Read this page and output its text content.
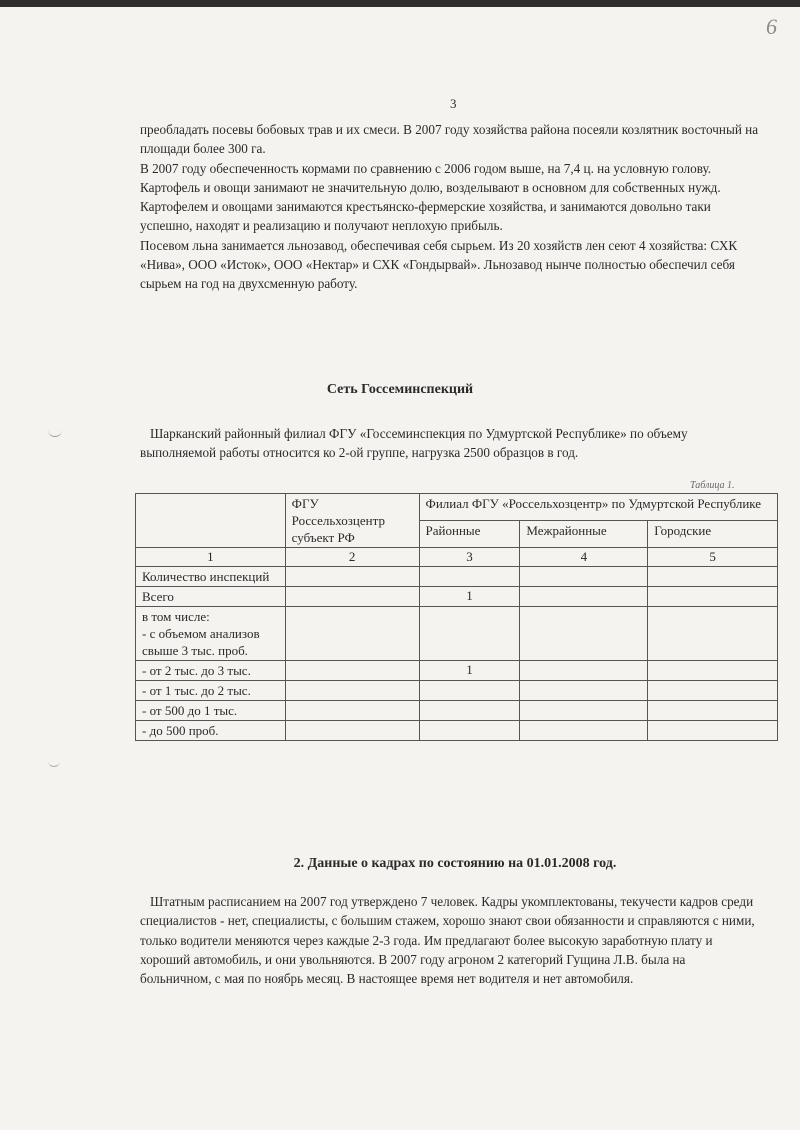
6
3

преобладать посевы бобовых трав и их смеси. В 2007 году хозяйства района посеяли козлятник восточный на площади более 300 га.

В 2007 году обеспеченность кормами по сравнению с 2006 годом выше, на 7,4 ц. на условную голову.

Картофель и овощи занимают не значительную долю, возделывают в основном для собственных нужд. Картофелем и овощами занимаются крестьянско-фермерские хозяйства, и занимаются довольно таки успешно, находят и реализацию и получают неплохую прибыль.

Посевом льна занимается льнозавод, обеспечивая себя сырьем. Из 20 хозяйств лен сеют 4 хозяйства: СХК «Нива», ООО «Исток», ООО «Нектар» и СХК «Гондырвай». Льнозавод нынче полностью обеспечил себя сырьем на год на двухсменную работу.

Сеть Госсеминспекций
Шарканский районный филиал ФГУ «Госсеминспекция по Удмуртской Республике» по объему выполняемой работы относится ко 2-ой группе, нагрузка 2500 образцов в год.
Таблица 1.
	ФГУ Россельхозцентр субъект РФ	Филиал ФГУ «Россельхозцентр» по Удмуртской Республике		
		Районные	Межрайонные	Городские
1	2	3	4	5
Количество инспекций				
Всего		1		
в том числе:
- с объемом анализов свыше 3 тыс. проб.				
- от 2 тыс. до 3 тыс.		1		
- от 1 тыс. до 2 тыс.				
- от 500 до 1 тыс.				
- до 500 проб.				
2. Данные о кадрах по состоянию на 01.01.2008 год.
Штатным расписанием на 2007 год утверждено 7 человек. Кадры укомплектованы, текучести кадров среди специалистов - нет, специалисты, с большим стажем, хорошо знают свои обязанности и справляются с ними, только водители меняются через каждые 2-3 года. Им предлагают более высокую заработную плату и хороший автомобиль, и они увольняются. В 2007 году агроном 2 категорий Гущина Л.В. была на больничном, с мая по ноябрь месяц. В настоящее время нет водителя и нет автомобиля.
